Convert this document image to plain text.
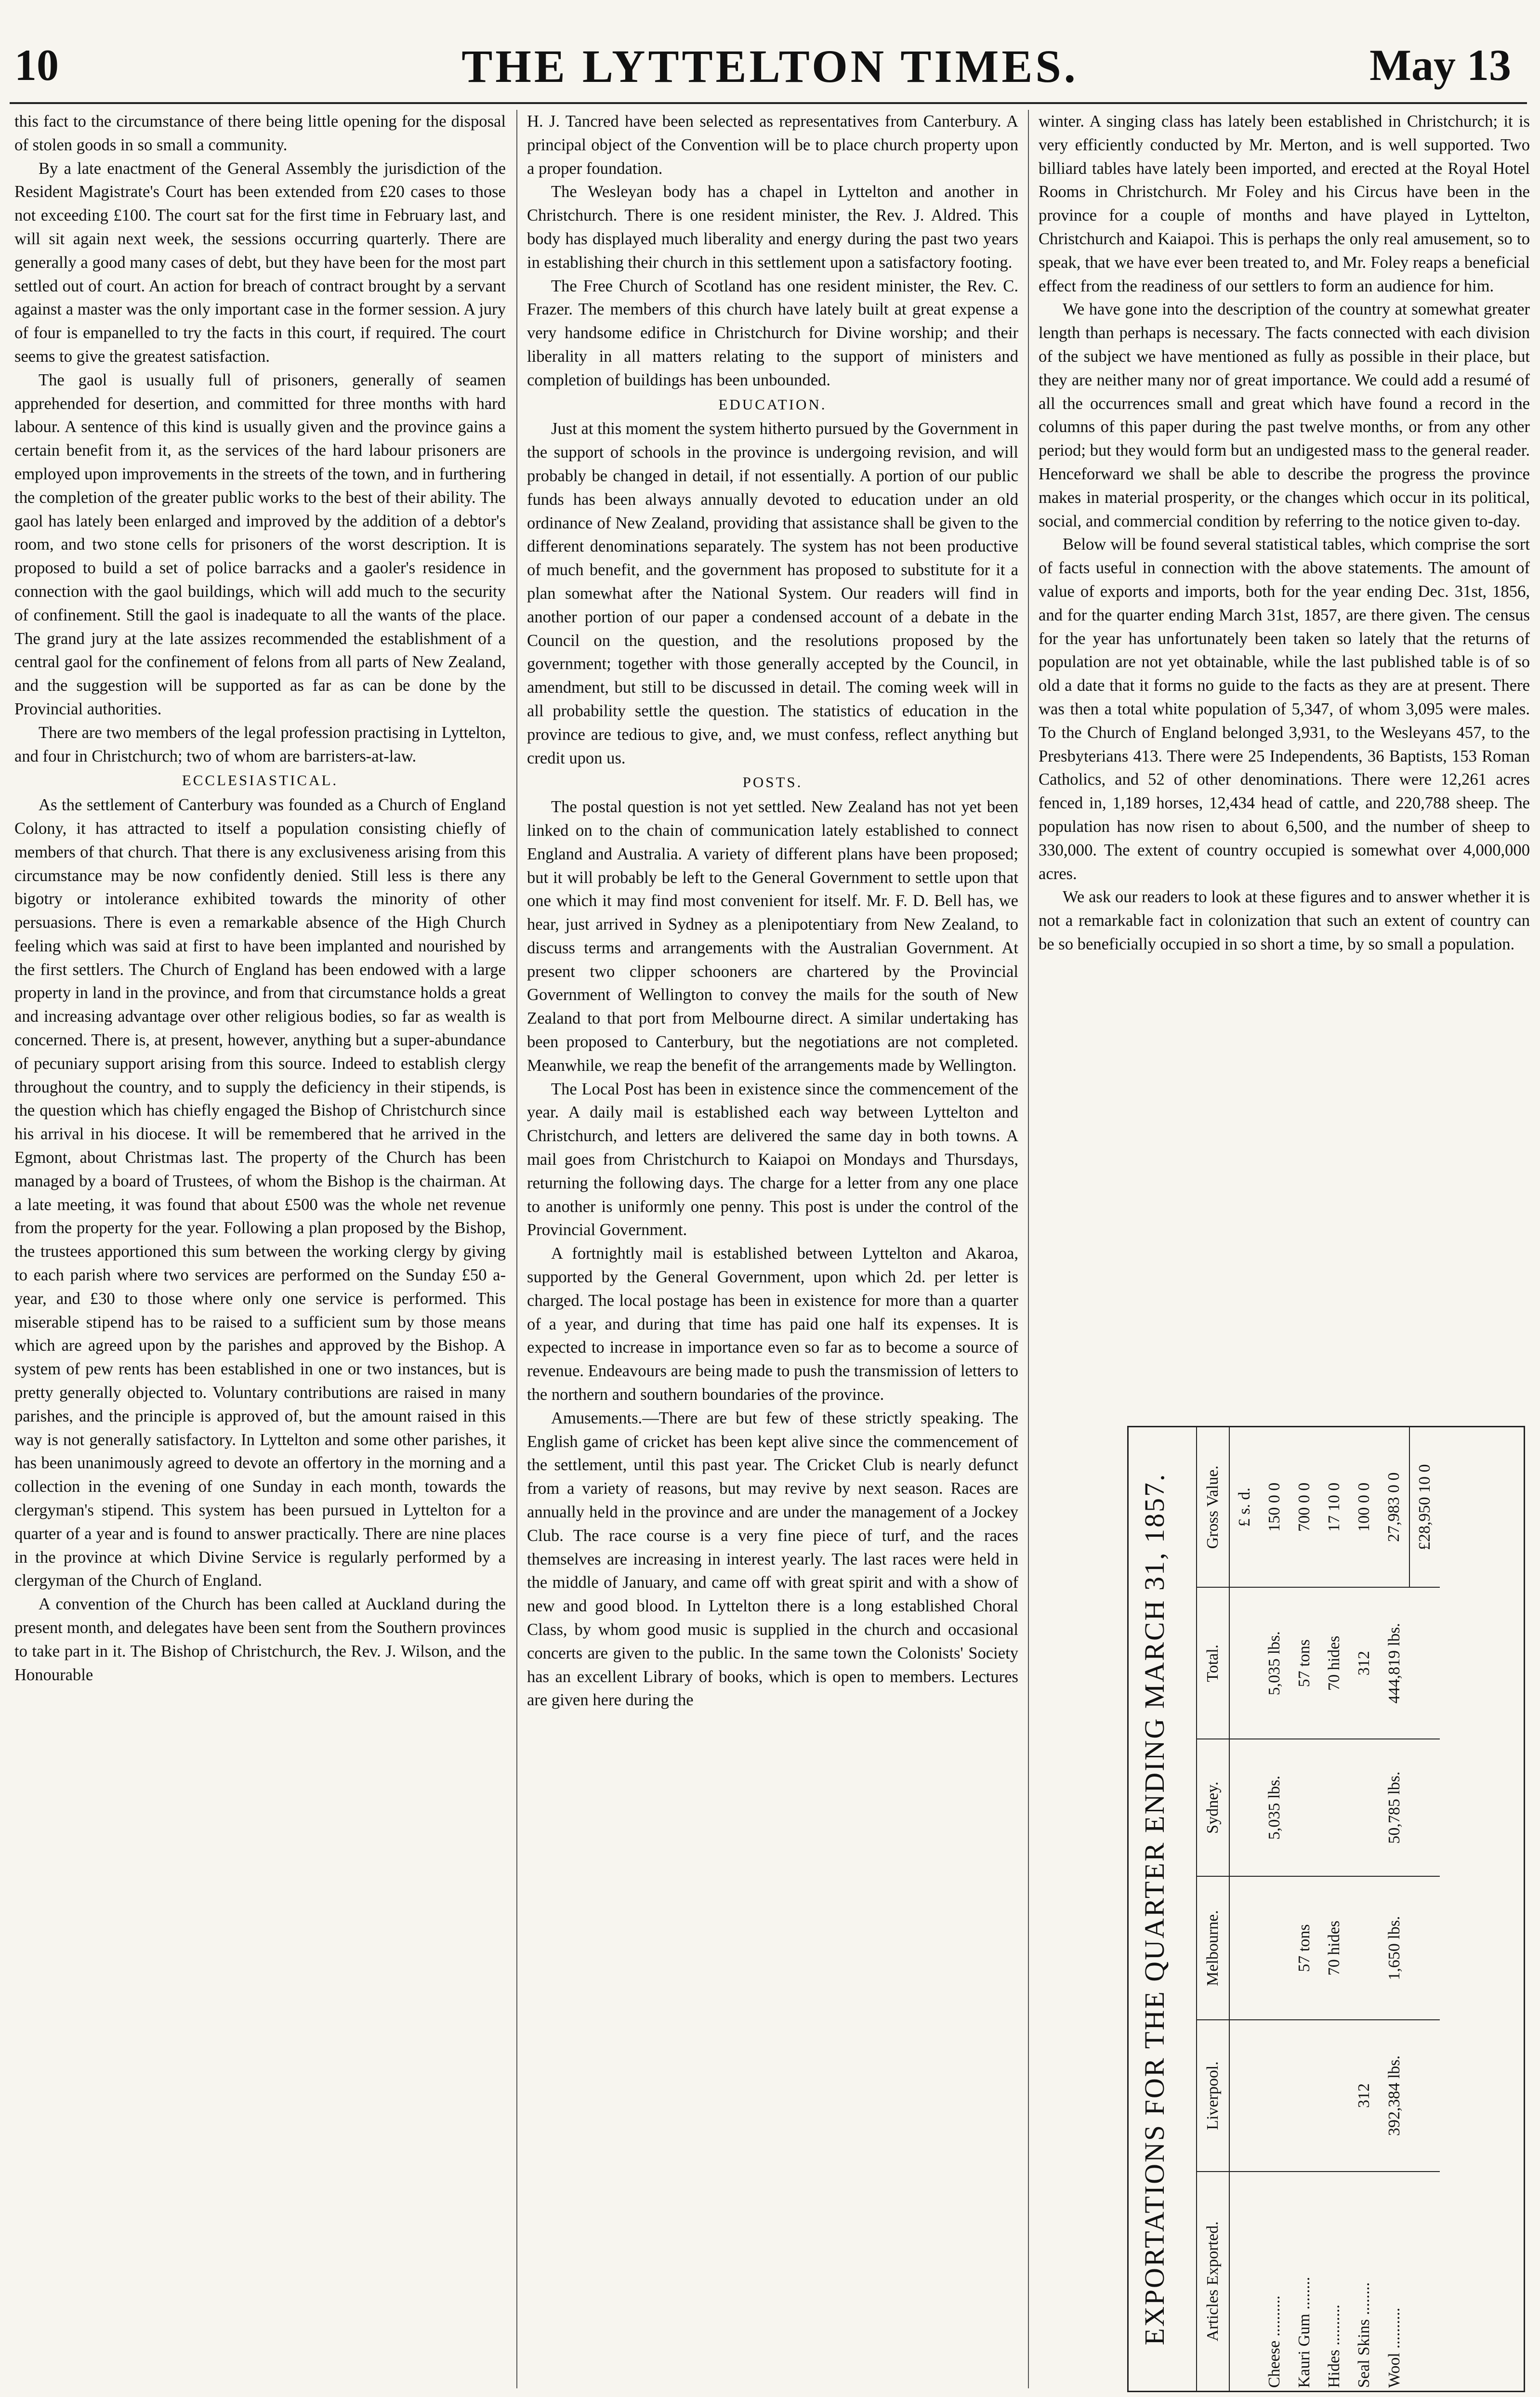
10	THE LYTTELTON TIMES.	May 13

this fact to the circumstance of there being little opening for the disposal of stolen goods in so small a community.

By a late enactment of the General Assembly the jurisdiction of the Resident Magistrate's Court has been extended from £20 cases to those not exceeding £100. The court sat for the first time in February last, and will sit again next week, the sessions occurring quarterly. There are generally a good many cases of debt, but they have been for the most part settled out of court. An action for breach of contract brought by a servant against a master was the only important case in the former session. A jury of four is empanelled to try the facts in this court, if required. The court seems to give the greatest satisfaction.

The gaol is usually full of prisoners, generally of seamen apprehended for desertion, and committed for three months with hard labour. A sentence of this kind is usually given and the province gains a certain benefit from it, as the services of the hard labour prisoners are employed upon improvements in the streets of the town, and in furthering the completion of the greater public works to the best of their ability. The gaol has lately been enlarged and improved by the addition of a debtor's room, and two stone cells for prisoners of the worst description. It is proposed to build a set of police barracks and a gaoler's residence in connection with the gaol buildings, which will add much to the security of confinement. Still the gaol is inadequate to all the wants of the place. The grand jury at the late assizes recommended the establishment of a central gaol for the confinement of felons from all parts of New Zealand, and the suggestion will be supported as far as can be done by the Provincial authorities.

There are two members of the legal profession practising in Lyttelton, and four in Christchurch; two of whom are barristers-at-law.

ECCLESIASTICAL.

As the settlement of Canterbury was founded as a Church of England Colony, it has attracted to itself a population consisting chiefly of members of that church. That there is any exclusiveness arising from this circumstance may be now confidently denied. Still less is there any bigotry or intolerance exhibited towards the minority of other persuasions. There is even a remarkable absence of the High Church feeling which was said at first to have been implanted and nourished by the first settlers. The Church of England has been endowed with a large property in land in the province, and from that circumstance holds a great and increasing advantage over other religious bodies, so far as wealth is concerned. There is, at present, however, anything but a super-abundance of pecuniary support arising from this source. Indeed to establish clergy throughout the country, and to supply the deficiency in their stipends, is the question which has chiefly engaged the Bishop of Christchurch since his arrival in his diocese. It will be remembered that he arrived in the Egmont, about Christmas last. The property of the Church has been managed by a board of Trustees, of whom the Bishop is the chairman. At a late meeting, it was found that about £500 was the whole net revenue from the property for the year. Following a plan proposed by the Bishop, the trustees apportioned this sum between the working clergy by giving to each parish where two services are performed on the Sunday £50 a-year, and £30 to those where only one service is performed. This miserable stipend has to be raised to a sufficient sum by those means which are agreed upon by the parishes and approved by the Bishop. A system of pew rents has been established in one or two instances, but is pretty generally objected to. Voluntary contributions are raised in many parishes, and the principle is approved of, but the amount raised in this way is not generally satisfactory. In Lyttelton and some other parishes, it has been unanimously agreed to devote an offertory in the morning and a collection in the evening of one Sunday in each month, towards the clergyman's stipend. This system has been pursued in Lyttelton for a quarter of a year and is found to answer practically. There are nine places in the province at which Divine Service is regularly performed by a clergyman of the Church of England.

A convention of the Church has been called at Auckland during the present month, and delegates have been sent from the Southern provinces to take part in it. The Bishop of Christchurch, the Rev. J. Wilson, and the Honourable

H. J. Tancred have been selected as representatives from Canterbury. A principal object of the Convention will be to place church property upon a proper foundation.

The Wesleyan body has a chapel in Lyttelton and another in Christchurch. There is one resident minister, the Rev. J. Aldred. This body has displayed much liberality and energy during the past two years in establishing their church in this settlement upon a satisfactory footing.

The Free Church of Scotland has one resident minister, the Rev. C. Frazer. The members of this church have lately built at great expense a very handsome edifice in Christchurch for Divine worship; and their liberality in all matters relating to the support of ministers and completion of buildings has been unbounded.

EDUCATION.

Just at this moment the system hitherto pursued by the Government in the support of schools in the province is undergoing revision, and will probably be changed in detail, if not essentially. A portion of our public funds has been always annually devoted to education under an old ordinance of New Zealand, providing that assistance shall be given to the different denominations separately. The system has not been productive of much benefit, and the government has proposed to substitute for it a plan somewhat after the National System. Our readers will find in another portion of our paper a condensed account of a debate in the Council on the question, and the resolutions proposed by the government; together with those generally accepted by the Council, in amendment, but still to be discussed in detail. The coming week will in all probability settle the question. The statistics of education in the province are tedious to give, and, we must confess, reflect anything but credit upon us.

POSTS.

The postal question is not yet settled. New Zealand has not yet been linked on to the chain of communication lately established to connect England and Australia. A variety of different plans have been proposed; but it will probably be left to the General Government to settle upon that one which it may find most convenient for itself. Mr. F. D. Bell has, we hear, just arrived in Sydney as a plenipotentiary from New Zealand, to discuss terms and arrangements with the Australian Government. At present two clipper schooners are chartered by the Provincial Government of Wellington to convey the mails for the south of New Zealand to that port from Melbourne direct. A similar undertaking has been proposed to Canterbury, but the negotiations are not completed. Meanwhile, we reap the benefit of the arrangements made by Wellington.

The Local Post has been in existence since the commencement of the year. A daily mail is established each way between Lyttelton and Christchurch, and letters are delivered the same day in both towns. A mail goes from Christchurch to Kaiapoi on Mondays and Thursdays, returning the following days. The charge for a letter from any one place to another is uniformly one penny. This post is under the control of the Provincial Government.

A fortnightly mail is established between Lyttelton and Akaroa, supported by the General Government, upon which 2d. per letter is charged. The local postage has been in existence for more than a quarter of a year, and during that time has paid one half its expenses. It is expected to increase in importance even so far as to become a source of revenue. Endeavours are being made to push the transmission of letters to the northern and southern boundaries of the province.

Amusements.—There are but few of these strictly speaking. The English game of cricket has been kept alive since the commencement of the settlement, until this past year. The Cricket Club is nearly defunct from a variety of reasons, but may revive by next season. Races are annually held in the province and are under the management of a Jockey Club. The race course is a very fine piece of turf, and the races themselves are increasing in interest yearly. The last races were held in the middle of January, and came off with great spirit and with a show of new and good blood. In Lyttelton there is a long established Choral Class, by whom good music is supplied in the church and occasional concerts are given to the public. In the same town the Colonists' Society has an excellent Library of books, which is open to members. Lectures are given here during the

winter. A singing class has lately been established in Christchurch; it is very efficiently conducted by Mr. Merton, and is well supported. Two billiard tables have lately been imported, and erected at the Royal Hotel Rooms in Christchurch. Mr Foley and his Circus have been in the province for a couple of months and have played in Lyttelton, Christchurch and Kaiapoi. This is perhaps the only real amusement, so to speak, that we have ever been treated to, and Mr. Foley reaps a beneficial effect from the readiness of our settlers to form an audience for him.

We have gone into the description of the country at somewhat greater length than perhaps is necessary. The facts connected with each division of the subject we have mentioned as fully as possible in their place, but they are neither many nor of great importance. We could add a resumé of all the occurrences small and great which have found a record in the columns of this paper during the past twelve months, or from any other period; but they would form but an undigested mass to the general reader. Henceforward we shall be able to describe the progress the province makes in material prosperity, or the changes which occur in its political, social, and commercial condition by referring to the notice given to-day.

Below will be found several statistical tables, which comprise the sort of facts useful in connection with the above statements. The amount of value of exports and imports, both for the year ending Dec. 31st, 1856, and for the quarter ending March 31st, 1857, are there given. The census for the year has unfortunately been taken so lately that the returns of population are not yet obtainable, while the last published table is of so old a date that it forms no guide to the facts as they are at present. There was then a total white population of 5,347, of whom 3,095 were males. To the Church of England belonged 3,931, to the Wesleyans 457, to the Presbyterians 413. There were 25 Independents, 36 Baptists, 153 Roman Catholics, and 52 of other denominations. There were 12,261 acres fenced in, 1,189 horses, 12,434 head of cattle, and 220,788 sheep. The population has now risen to about 6,500, and the number of sheep to 330,000. The extent of country occupied is somewhat over 4,000,000 acres.

We ask our readers to look at these figures and to answer whether it is not a remarkable fact in colonization that such an extent of country can be so beneficially occupied in so short a time, by so small a population.

EXPORTATIONS FOR THE QUARTER ENDING MARCH 31, 1857. Articles Exported.	Liverpool.	Melbourne.	Sydney.	Total.	Gross Value.
					£ s. d.
Cheese ..........			5,035 lbs.	5,035 lbs.	150 0 0
Kauri Gum ........		57 tons		57 tons	700 0 0
Hides ..........		70 hides		70 hides	17 10 0
Seal Skins ........	312			312	100 0 0
Wool ..........	392,384 lbs.	1,650 lbs.	50,785 lbs.	444,819 lbs.	27,983 0 0
					£28,950 10 0
